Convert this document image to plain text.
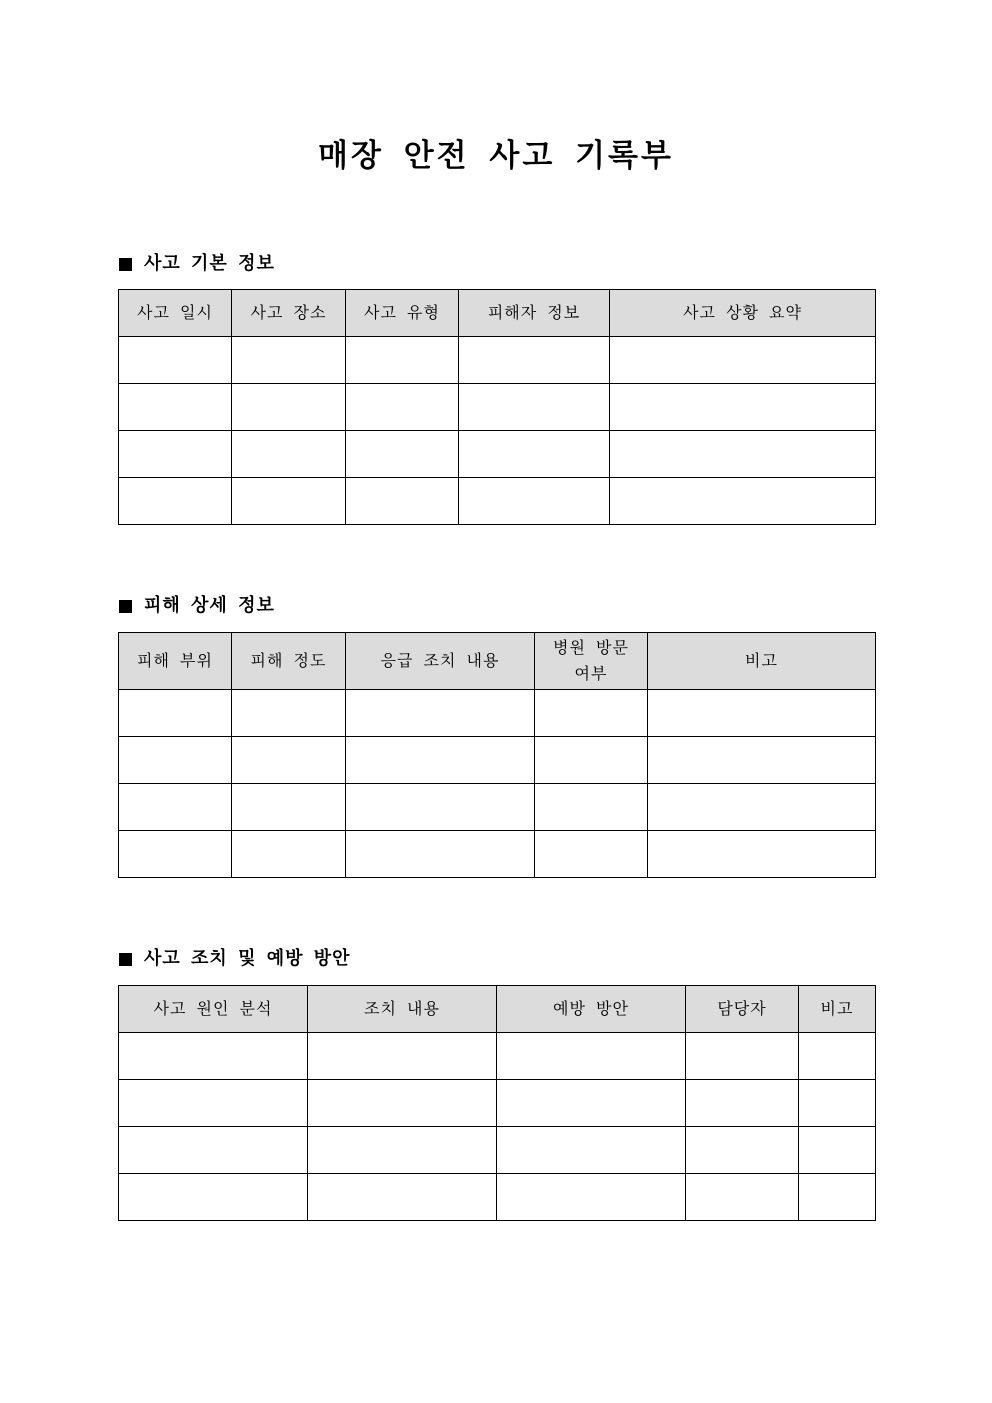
매장 안전 사고 기록부
사고 기본 정보
사고 일시	사고 장소	사고 유형	피해자 정보	사고 상황 요약

피해 상세 정보
피해 부위	피해 정도	응급 조치 내용	병원 방문 여부	비고

사고 조치 및 예방 방안
사고 원인 분석	조치 내용	예방 방안	담당자	비고
